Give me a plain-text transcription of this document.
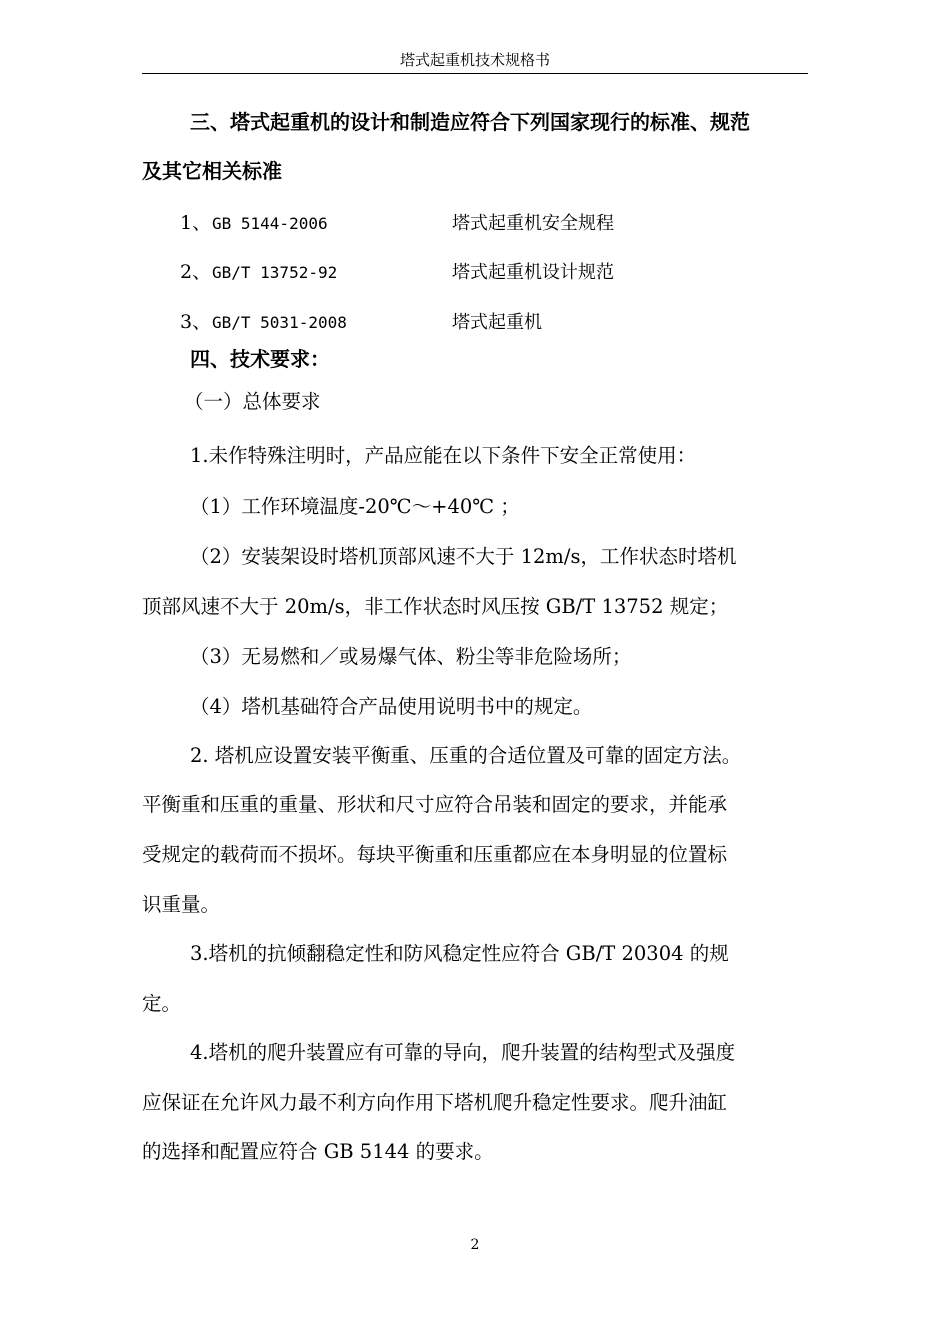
塔式起重机技术规格书
三、塔式起重机的设计和制造应符合下列国家现行的标准、规范
及其它相关标准
1、 GB 5144-2006	塔式起重机安全规程
2、 GB/T 13752-92	塔式起重机设计规范
3、 GB/T 5031-2008	塔式起重机
四、技术要求：
（一）总体要求
1.未作特殊注明时，产品应能在以下条件下安全正常使用：
（1）工作环境温度-20℃～+40℃ ；
（2）安装架设时塔机顶部风速不大于 12m/s，工作状态时塔机
顶部风速不大于 20m/s，非工作状态时风压按 GB/T 13752 规定；
（3）无易燃和／或易爆气体、粉尘等非危险场所；
（4）塔机基础符合产品使用说明书中的规定。
2. 塔机应设置安装平衡重、压重的合适位置及可靠的固定方法。
平衡重和压重的重量、形状和尺寸应符合吊装和固定的要求，并能承
受规定的载荷而不损坏。每块平衡重和压重都应在本身明显的位置标
识重量。
3.塔机的抗倾翻稳定性和防风稳定性应符合 GB/T 20304 的规
定。
4.塔机的爬升装置应有可靠的导向，爬升装置的结构型式及强度
应保证在允许风力最不利方向作用下塔机爬升稳定性要求。爬升油缸
的选择和配置应符合 GB 5144 的要求。
2
